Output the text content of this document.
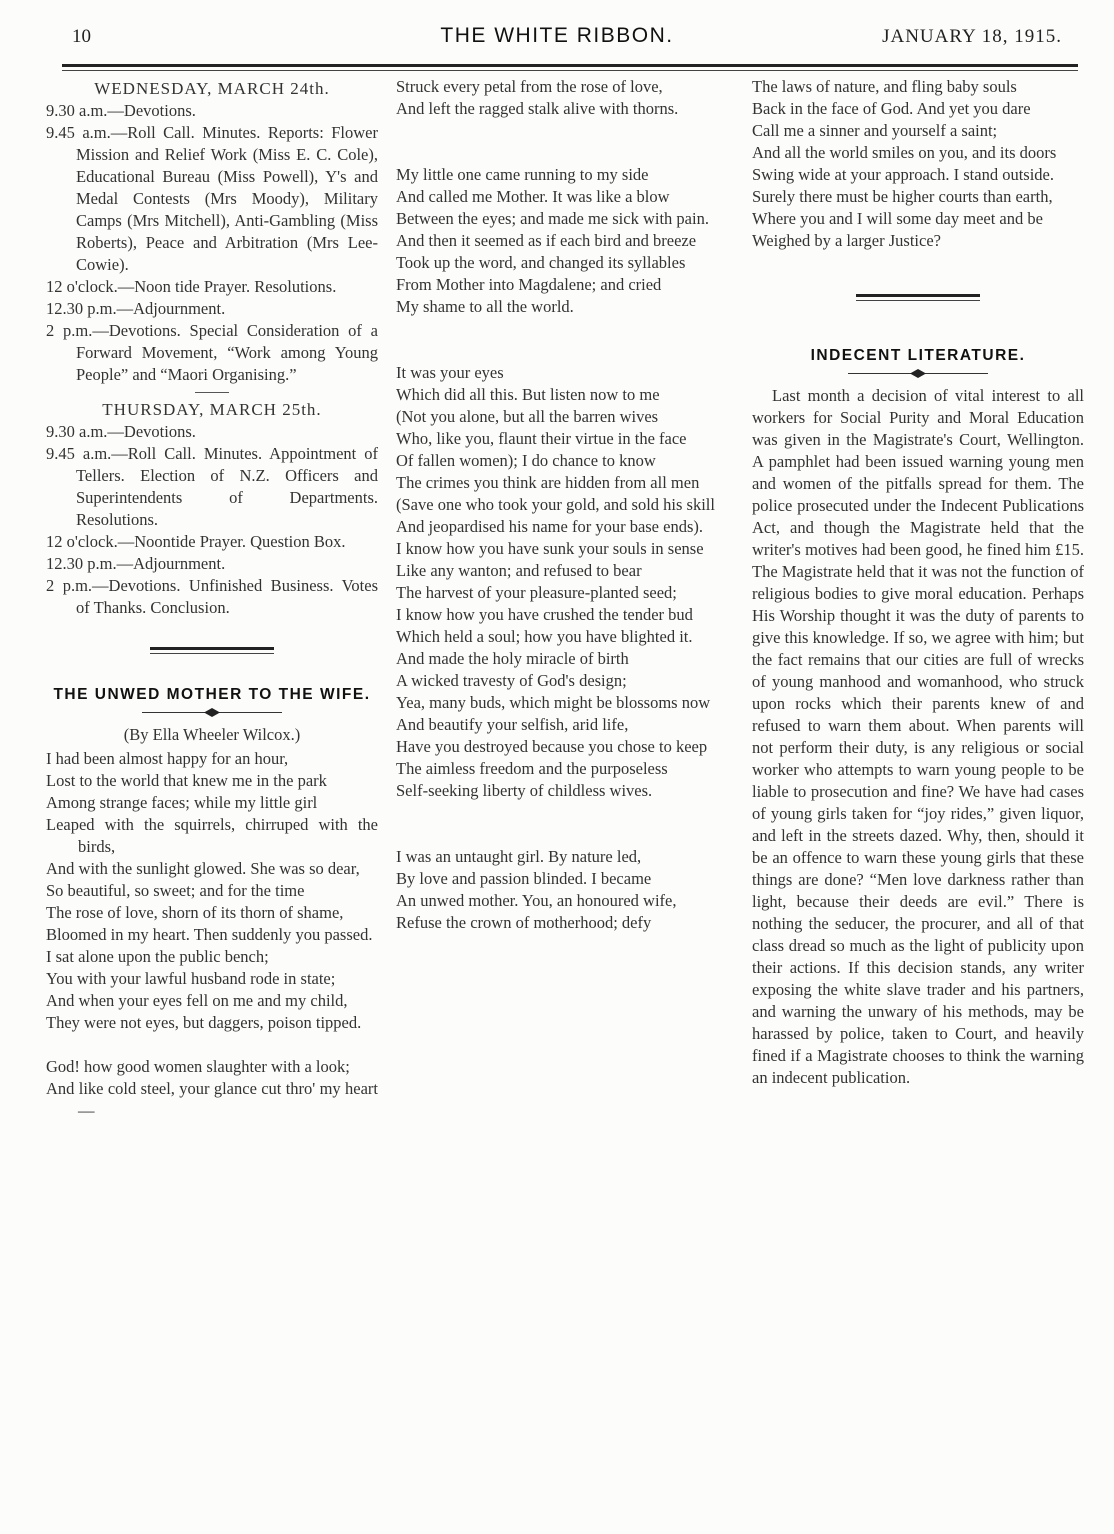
10	THE WHITE RIBBON.	JANUARY 18, 1915.
WEDNESDAY, MARCH 24th.
9.30 a.m.—Devotions.
9.45 a.m.—Roll Call. Minutes. Reports: Flower Mission and Relief Work (Miss E. C. Cole), Educational Bureau (Miss Powell), Y's and Medal Contests (Mrs Moody), Military Camps (Mrs Mitchell), Anti-Gambling (Miss Roberts), Peace and Arbitration (Mrs Lee-Cowie).
12 o'clock.—Noon tide Prayer. Resolutions.
12.30 p.m.—Adjournment.
2 p.m.—Devotions. Special Consideration of a Forward Movement, “Work among Young People” and “Maori Organising.”
THURSDAY, MARCH 25th.
9.30 a.m.—Devotions.
9.45 a.m.—Roll Call. Minutes. Appointment of Tellers. Election of N.Z. Officers and Superintendents of Departments. Resolutions.
12 o'clock.—Noontide Prayer. Question Box.
12.30 p.m.—Adjournment.
2 p.m.—Devotions. Unfinished Business. Votes of Thanks. Conclusion.
THE UNWED MOTHER TO THE WIFE.
(By Ella Wheeler Wilcox.)
I had been almost happy for an hour,
Lost to the world that knew me in the park
Among strange faces; while my little girl
Leaped with the squirrels, chirruped with the birds,
And with the sunlight glowed. She was so dear,
So beautiful, so sweet; and for the time
The rose of love, shorn of its thorn of shame,
Bloomed in my heart. Then suddenly you passed.
I sat alone upon the public bench;
You with your lawful husband rode in state;
And when your eyes fell on me and my child,
They were not eyes, but daggers, poison tipped.
God! how good women slaughter with a look;
And like cold steel, your glance cut thro' my heart—
Struck every petal from the rose of love,
And left the ragged stalk alive with thorns.
My little one came running to my side
And called me Mother. It was like a blow
Between the eyes; and made me sick with pain.
And then it seemed as if each bird and breeze
Took up the word, and changed its syllables
From Mother into Magdalene; and cried
My shame to all the world.
It was your eyes
Which did all this. But listen now to me
(Not you alone, but all the barren wives
Who, like you, flaunt their virtue in the face
Of fallen women); I do chance to know
The crimes you think are hidden from all men
(Save one who took your gold, and sold his skill
And jeopardised his name for your base ends).
I know how you have sunk your souls in sense
Like any wanton; and refused to bear
The harvest of your pleasure-planted seed;
I know how you have crushed the tender bud
Which held a soul; how you have blighted it.
And made the holy miracle of birth
A wicked travesty of God's design;
Yea, many buds, which might be blossoms now
And beautify your selfish, arid life,
Have you destroyed because you chose to keep
The aimless freedom and the purposeless
Self-seeking liberty of childless wives.
I was an untaught girl. By nature led,
By love and passion blinded. I became
An unwed mother. You, an honoured wife,
Refuse the crown of motherhood; defy
The laws of nature, and fling baby souls
Back in the face of God. And yet you dare
Call me a sinner and yourself a saint;
And all the world smiles on you, and its doors
Swing wide at your approach. I stand outside.
Surely there must be higher courts than earth,
Where you and I will some day meet and be
Weighed by a larger Justice?
INDECENT LITERATURE.
Last month a decision of vital interest to all workers for Social Purity and Moral Education was given in the Magistrate's Court, Wellington. A pamphlet had been issued warning young men and women of the pitfalls spread for them. The police prosecuted under the Indecent Publications Act, and though the Magistrate held that the writer's motives had been good, he fined him £15. The Magistrate held that it was not the function of religious bodies to give moral education. Perhaps His Worship thought it was the duty of parents to give this knowledge. If so, we agree with him; but the fact remains that our cities are full of wrecks of young manhood and womanhood, who struck upon rocks which their parents knew of and refused to warn them about. When parents will not perform their duty, is any religious or social worker who attempts to warn young people to be liable to prosecution and fine? We have had cases of young girls taken for “joy rides,” given liquor, and left in the streets dazed. Why, then, should it be an offence to warn these young girls that these things are done? “Men love darkness rather than light, because their deeds are evil.” There is nothing the seducer, the procurer, and all of that class dread so much as the light of publicity upon their actions. If this decision stands, any writer exposing the white slave trader and his partners, and warning the unwary of his methods, may be harassed by police, taken to Court, and heavily fined if a Magistrate chooses to think the warning an indecent publication.
